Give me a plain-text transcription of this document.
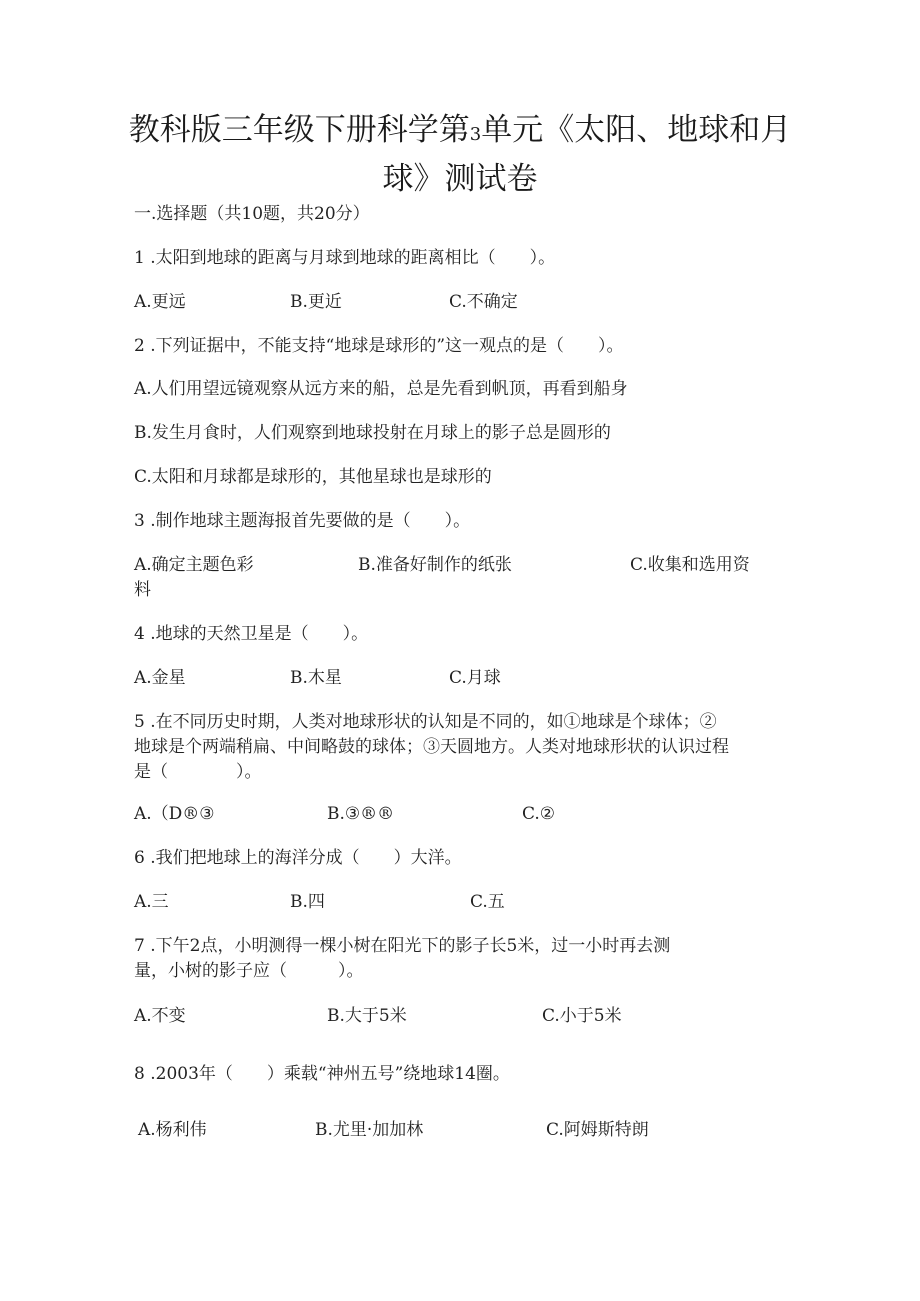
教科版三年级下册科学第3单元《太阳、地球和月
球》测试卷
一.选择题（共10题，共20分）
1 .太阳到地球的距离与月球到地球的距离相比（　　）。
A.更远	B.更近	C.不确定
2 .下列证据中，不能支持“地球是球形的”这一观点的是（　　）。
A.人们用望远镜观察从远方来的船，总是先看到帆顶，再看到船身
B.发生月食时，人们观察到地球投射在月球上的影子总是圆形的
C.太阳和月球都是球形的，其他星球也是球形的
3 .制作地球主题海报首先要做的是（　　）。
A.确定主题色彩	B.准备好制作的纸张	C.收集和选用资
料
4 .地球的天然卫星是（　　）。
A.金星	B.木星	C.月球
5 .在不同历史时期，人类对地球形状的认知是不同的，如①地球是个球体；②
地球是个两端稍扁、中间略鼓的球体；③天圆地方。人类对地球形状的认识过程
是（　　　　）。
A.（D®③	B.③®®	C.②
6 .我们把地球上的海洋分成（　　）大洋。
A.三	B.四	C.五
7 .下午2点，小明测得一棵小树在阳光下的影子长5米，过一小时再去测
量，小树的影子应（　　　）。
A.不变	B.大于5米	C.小于5米
8 .2003年（　　）乘载“神州五号”绕地球14圈。
A.杨利伟	B.尤里·加加林	C.阿姆斯特朗
